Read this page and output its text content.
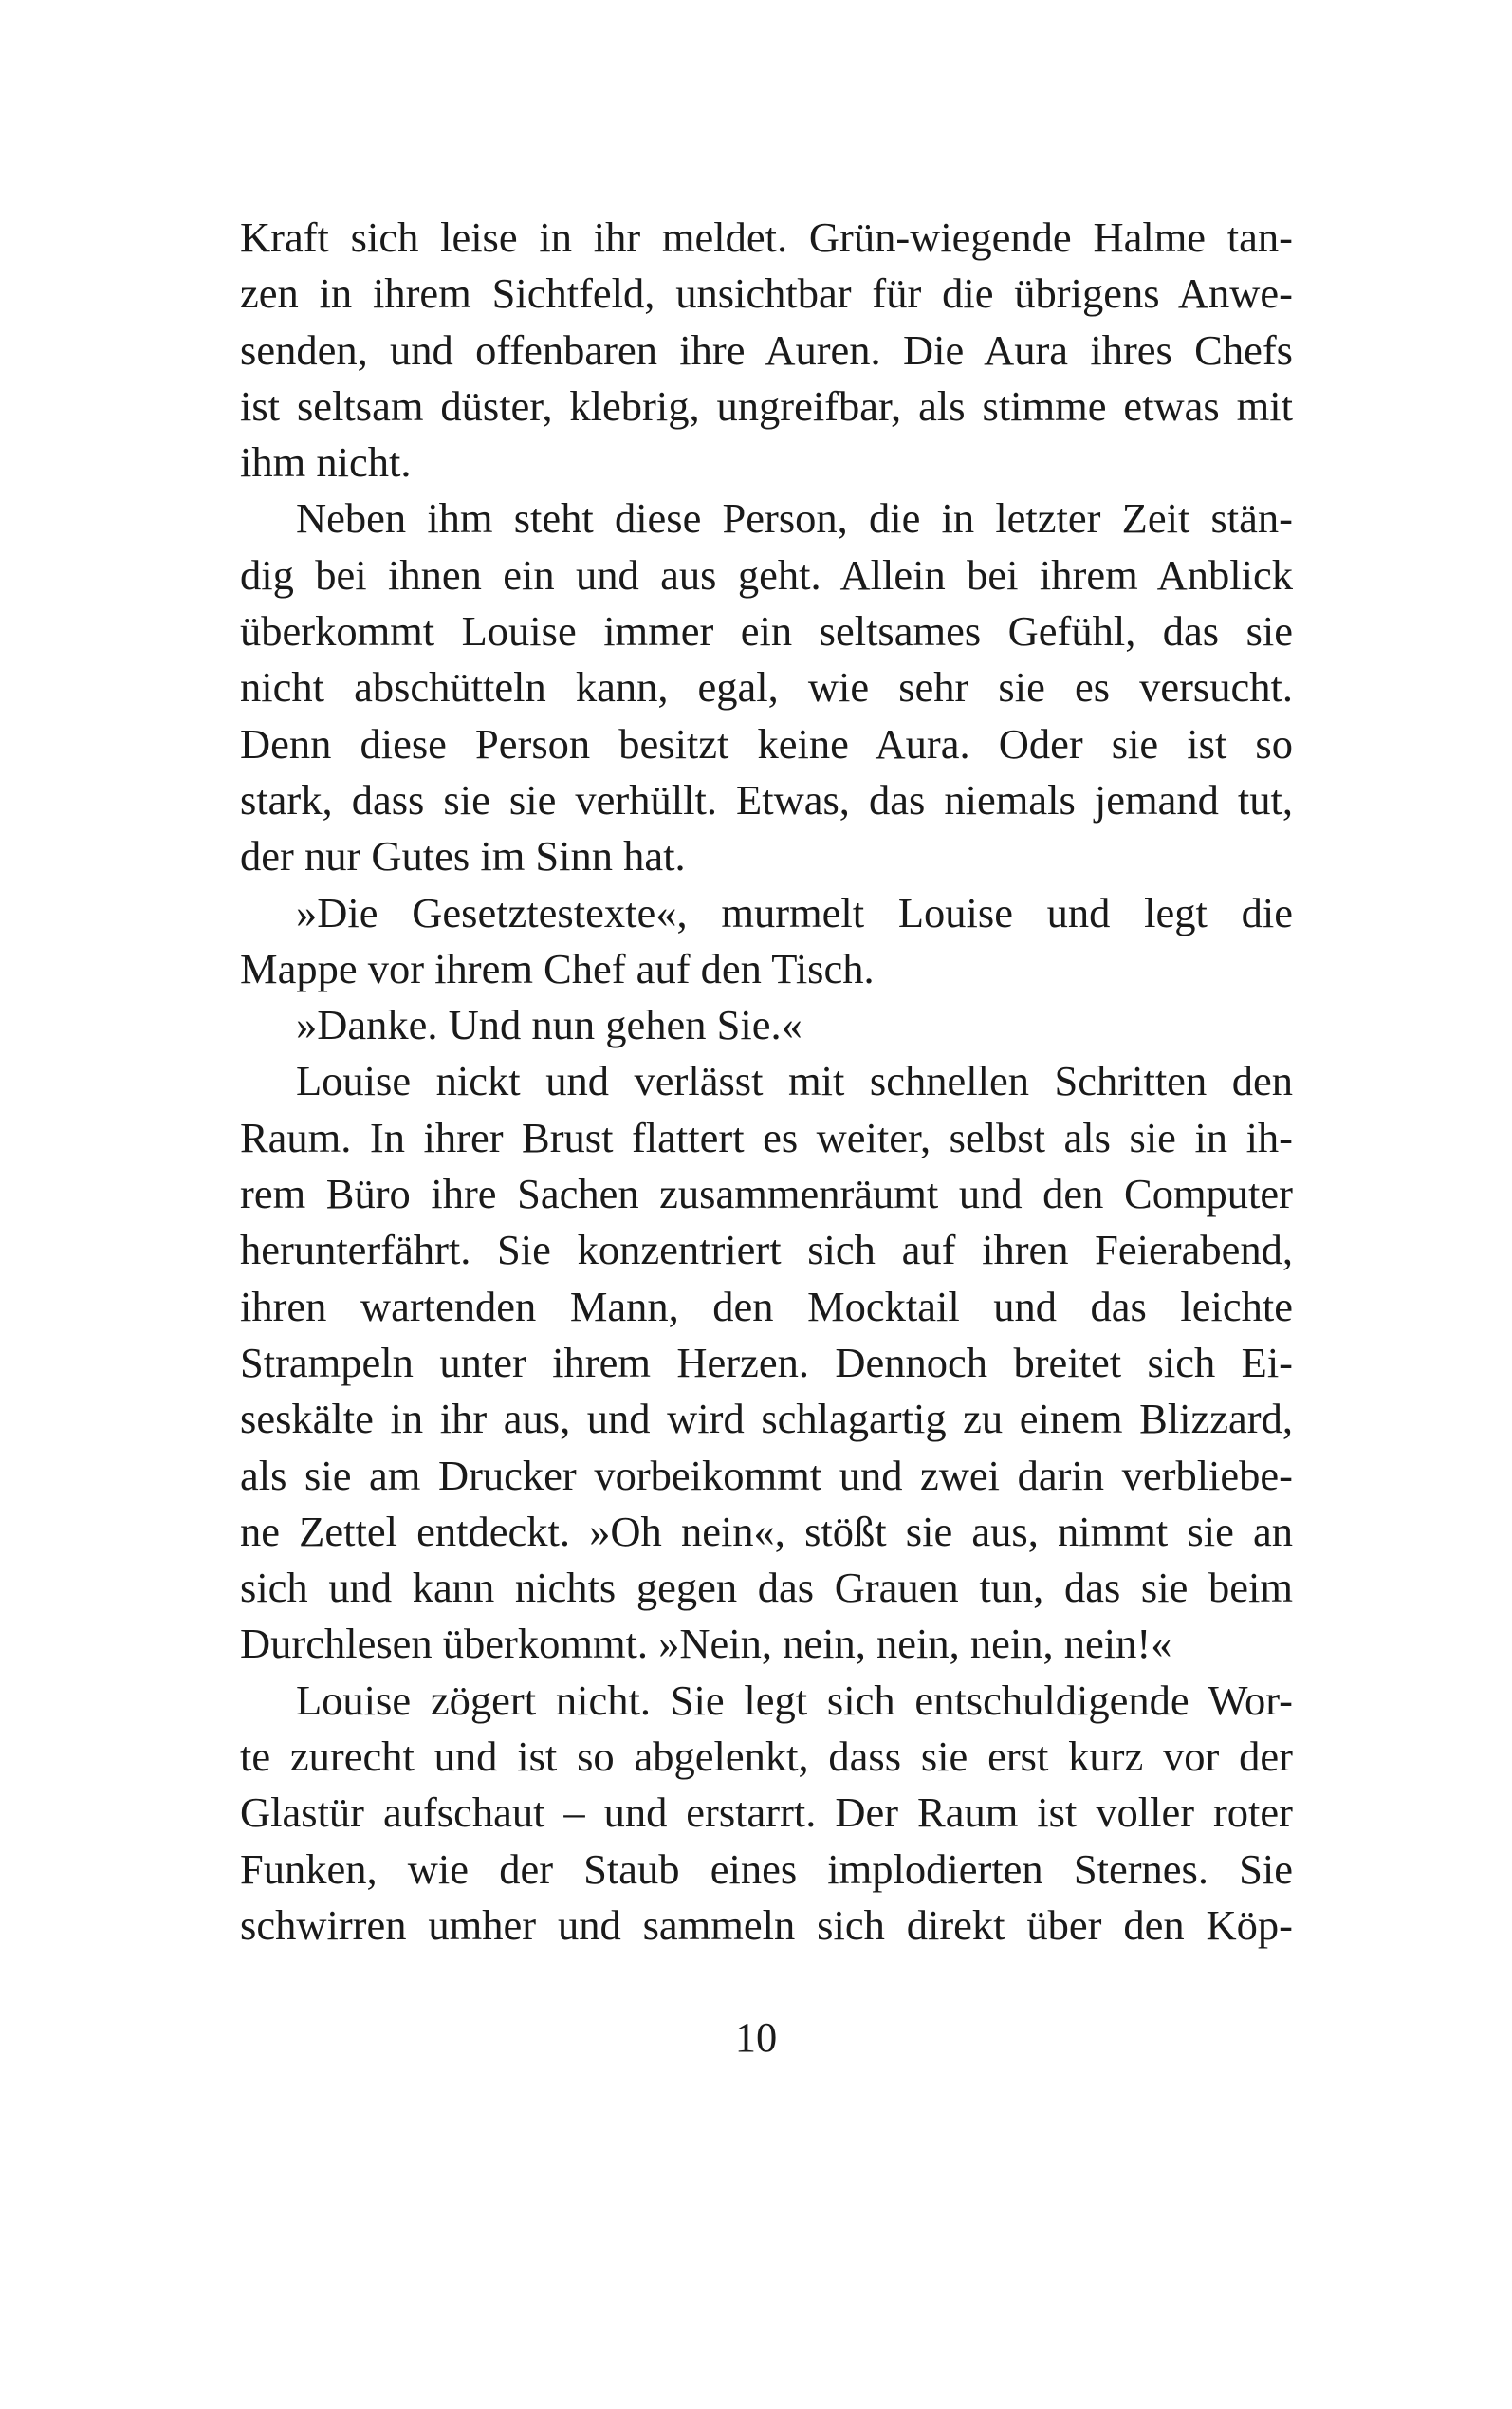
Kraft sich leise in ihr meldet. Grün-wiegende Halme tan-
zen in ihrem Sichtfeld, unsichtbar für die übrigens Anwe-
senden, und offenbaren ihre Auren. Die Aura ihres Chefs
ist seltsam düster, klebrig, ungreifbar, als stimme etwas mit
ihm nicht.
Neben ihm steht diese Person, die in letzter Zeit stän-
dig bei ihnen ein und aus geht. Allein bei ihrem Anblick
überkommt Louise immer ein seltsames Gefühl, das sie
nicht abschütteln kann, egal, wie sehr sie es versucht.
Denn diese Person besitzt keine Aura. Oder sie ist so
stark, dass sie sie verhüllt. Etwas, das niemals jemand tut,
der nur Gutes im Sinn hat.
»Die Gesetztestexte«, murmelt Louise und legt die
Mappe vor ihrem Chef auf den Tisch.
»Danke. Und nun gehen Sie.«
Louise nickt und verlässt mit schnellen Schritten den
Raum. In ihrer Brust flattert es weiter, selbst als sie in ih-
rem Büro ihre Sachen zusammenräumt und den Computer
herunterfährt. Sie konzentriert sich auf ihren Feierabend,
ihren wartenden Mann, den Mocktail und das leichte
Strampeln unter ihrem Herzen. Dennoch breitet sich Ei-
seskälte in ihr aus, und wird schlagartig zu einem Blizzard,
als sie am Drucker vorbeikommt und zwei darin verbliebe-
ne Zettel entdeckt. »Oh nein«, stößt sie aus, nimmt sie an
sich und kann nichts gegen das Grauen tun, das sie beim
Durchlesen überkommt. »Nein, nein, nein, nein, nein!«
Louise zögert nicht. Sie legt sich entschuldigende Wor-
te zurecht und ist so abgelenkt, dass sie erst kurz vor der
Glastür aufschaut – und erstarrt. Der Raum ist voller roter
Funken, wie der Staub eines implodierten Sternes. Sie
schwirren umher und sammeln sich direkt über den Köp-
10
